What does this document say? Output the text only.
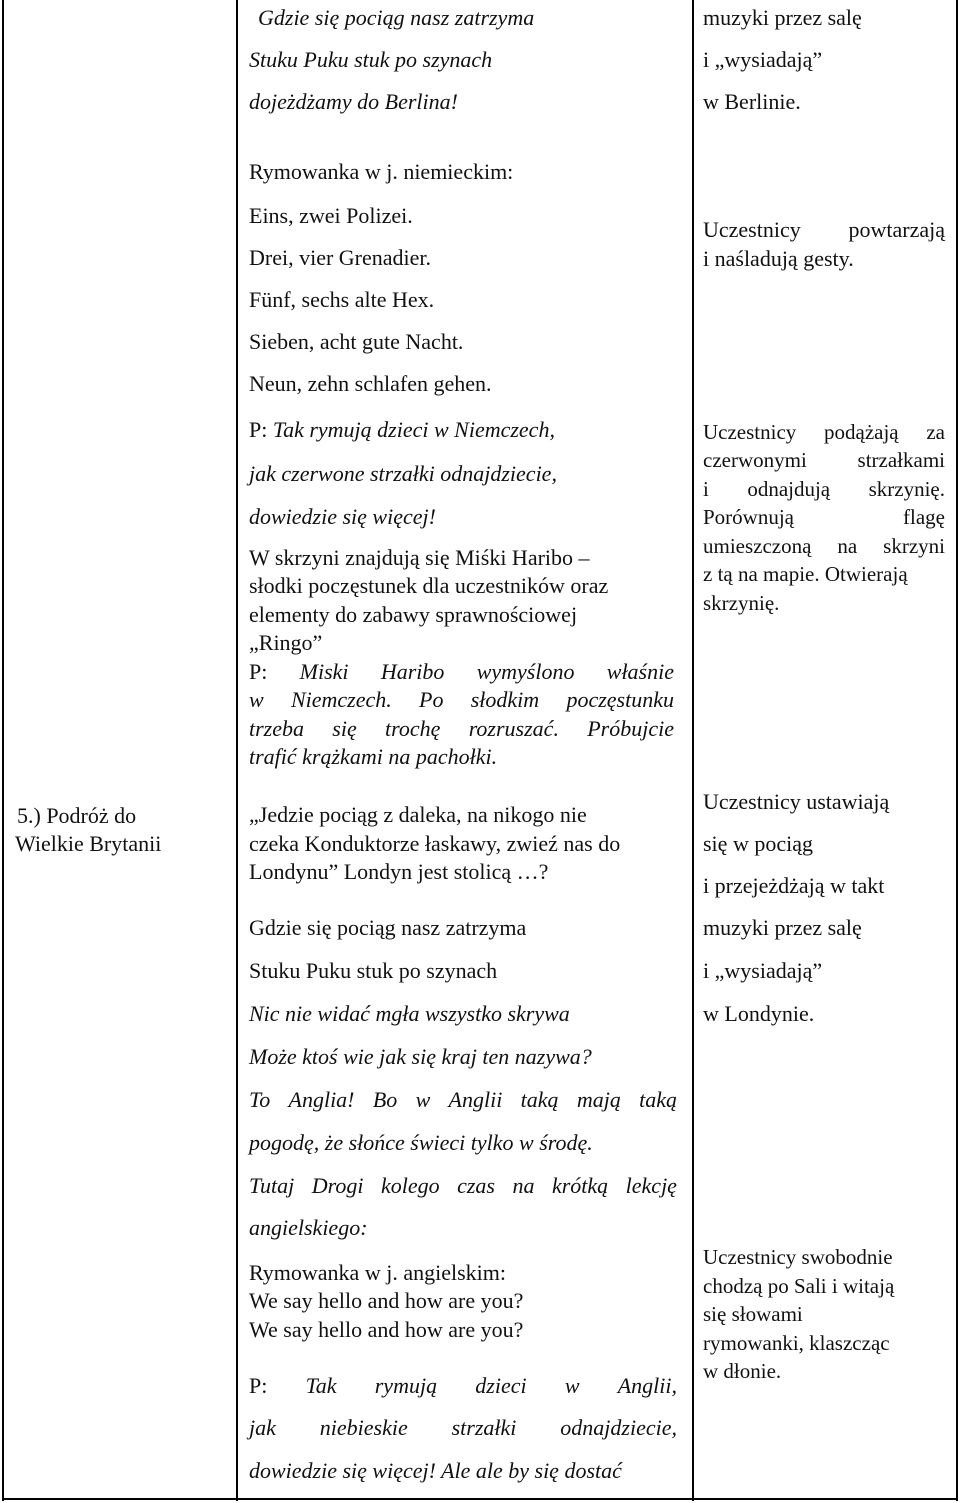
5.) Podróż do
Wielkie Brytanii
Gdzie się pociąg nasz zatrzyma
Stuku Puku stuk po szynach
dojeżdżamy do Berlina!
Rymowanka w j. niemieckim:
Eins, zwei Polizei.
Drei, vier Grenadier.
Fünf, sechs alte Hex.
Sieben, acht gute Nacht.
Neun, zehn schlafen gehen.
P: Tak rymują dzieci w Niemczech,
jak czerwone strzałki odnajdziecie,
dowiedzie się więcej!
W skrzyni znajdują się Miśki Haribo –
słodki poczęstunek dla uczestników oraz
elementy do zabawy sprawnościowej
„Ringo”
P: Miski Haribo wymyślono właśnie
w Niemczech. Po słodkim poczęstunku
trzeba się trochę rozruszać. Próbujcie
trafić krążkami na pachołki.
„Jedzie pociąg z daleka, na nikogo nie
czeka Konduktorze łaskawy, zwieź nas do
Londynu” Londyn jest stolicą …?
Gdzie się pociąg nasz zatrzyma
Stuku Puku stuk po szynach
Nic nie widać mgła wszystko skrywa
Może ktoś wie jak się kraj ten nazywa?
To Anglia! Bo w Anglii taką mają taką
pogodę, że słońce świeci tylko w środę.
Tutaj Drogi kolego czas na krótką lekcję
angielskiego:
Rymowanka w j. angielskim:
We say hello and how are you?
We say hello and how are you?
P: Tak rymują dzieci w Anglii,
jak niebieskie strzałki odnajdziecie,
dowiedzie się więcej! Ale ale by się dostać
muzyki przez salę
i „wysiadają”
w Berlinie.
Uczestnicy powtarzają
i naśladują gesty.
Uczestnicy podążają za
czerwonymi strzałkami
i odnajdują skrzynię.
Porównują	flagę
umieszczoną na skrzyni
z tą na mapie. Otwierają
skrzynię.
Uczestnicy ustawiają
się w pociąg
i przejeżdżają w takt
muzyki przez salę
i „wysiadają”
w Londynie.
Uczestnicy swobodnie
chodzą po Sali i witają
się słowami
rymowanki, klaszcząc
w dłonie.
